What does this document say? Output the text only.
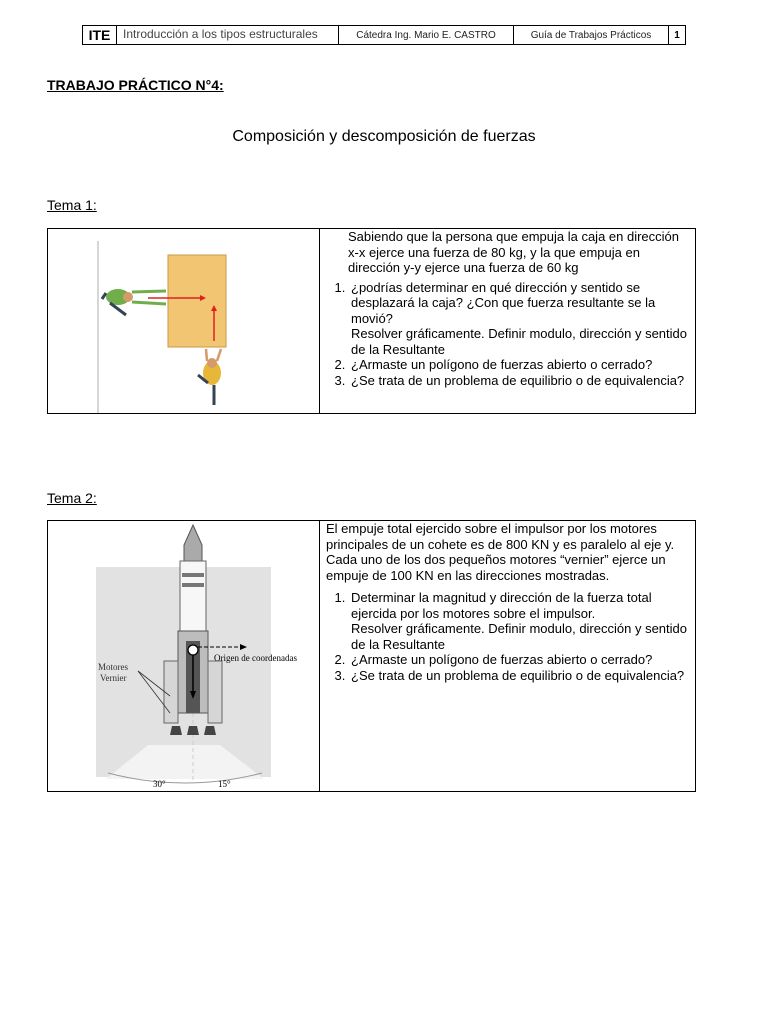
ITE	Introducción a los tipos estructurales	Cátedra Ing. Mario E. CASTRO	Guía de Trabajos Prácticos	1
TRABAJO PRÁCTICO N°4:
Composición y descomposición de fuerzas
Tema 1:

Sabiendo que la persona que empuja la caja en dirección x-x ejerce una fuerza de 80 kg, y la que empuja en dirección y-y ejerce una fuerza de 60 kg

1. ¿podrías determinar en qué dirección y sentido se desplazará la caja? ¿Con que fuerza resultante se la movió?
Resolver gráficamente. Definir modulo, dirección y sentido de la Resultante
2. ¿Armaste un polígono de fuerzas abierto o cerrado?
3. ¿Se trata de un problema de equilibrio o de equivalencia?
Tema 2:
Origen de coordenadas
Motores
Vernier
30°	15°

El empuje total ejercido sobre el impulsor por los motores principales de un cohete es de 800 KN y es paralelo al eje y. Cada uno de los dos pequeños motores “vernier” ejerce un empuje de 100 KN en las direcciones mostradas.

1. Determinar la magnitud y dirección de la fuerza total ejercida por los motores sobre el impulsor.
Resolver gráficamente. Definir modulo, dirección y sentido de la Resultante
2. ¿Armaste un polígono de fuerzas abierto o cerrado?
3. ¿Se trata de un problema de equilibrio o de equivalencia?
